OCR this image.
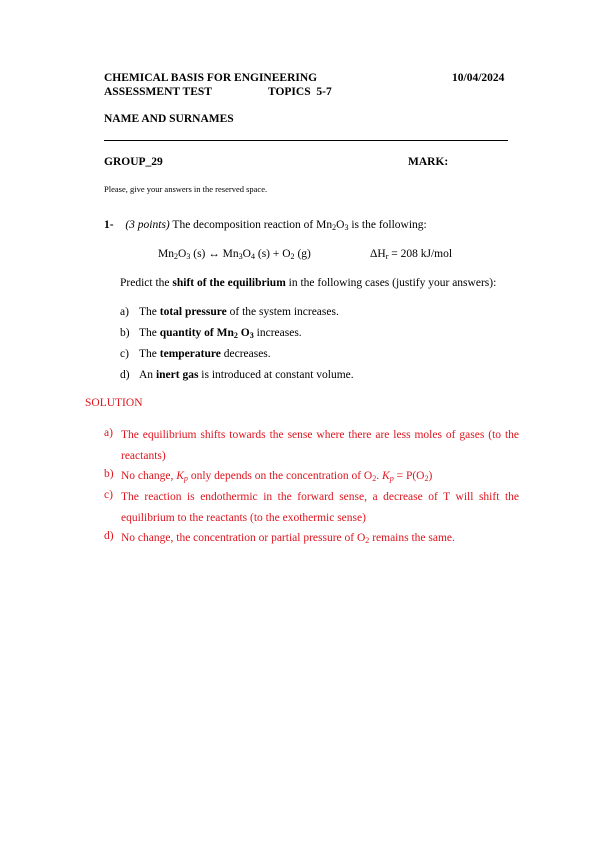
CHEMICAL BASIS FOR ENGINEERING	10/04/2024
ASSESSMENT TEST	TOPICS  5-7
NAME AND SURNAMES
GROUP_29	MARK:
Please, give your answers in the reserved space.
1- (3 points) The decomposition reaction of $Mn_2O_3$ is the following:
$Mn_2O_3$ (s) ↔ $Mn_3O_4$ $(s) + O_2$ (g)	$\Delta H_r = 208$ kJ/mol
Predict the shift of the equilibrium in the following cases (justify your answers):
a) The total pressure of the system increases.
b) The quantity of $Mn_2$ $O_3$ increases.
c) The temperature decreases.
d) An inert gas is introduced at constant volume.
SOLUTION
a) The equilibrium shifts towards the sense where there are less moles of gases (to the reactants)
b) No change, $K_p$ only depends on the concentration of $O_2$. $K_p = P(O_2)$
c) The reaction is endothermic in the forward sense, a decrease of T will shift the equilibrium to the reactants (to the exothermic sense)
d) No change, the concentration or partial pressure of $O_2$ remains the same.
